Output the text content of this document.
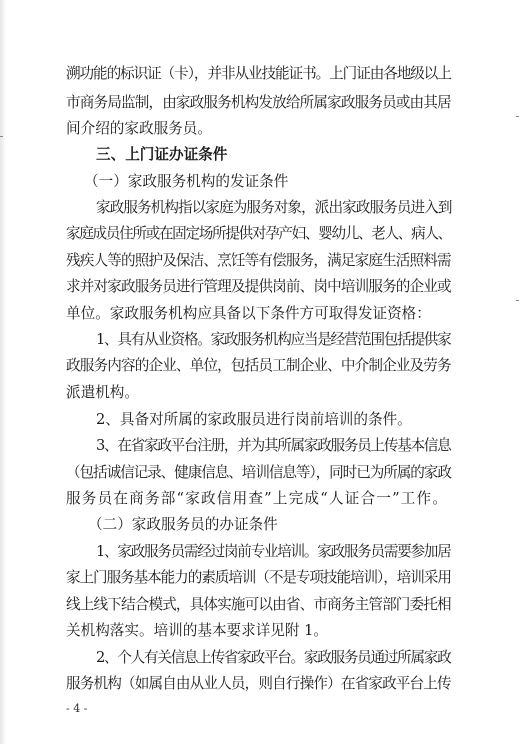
溯功能的标识证（卡），并非从业技能证书。上门证由各地级以上
市商务局监制，由家政服务机构发放给所属家政服务员或由其居
间介绍的家政服务员。
三、上门证办证条件
（一）家政服务机构的发证条件
家政服务机构指以家庭为服务对象，派出家政服务员进入到
家庭成员住所或在固定场所提供对孕产妇、婴幼儿、老人、病人、
残疾人等的照护及保洁、烹饪等有偿服务，满足家庭生活照料需
求并对家政服务员进行管理及提供岗前、岗中培训服务的企业或
单位。家政服务机构应具备以下条件方可取得发证资格：
1、具有从业资格。家政服务机构应当是经营范围包括提供家
政服务内容的企业、单位，包括员工制企业、中介制企业及劳务
派遣机构。
2、具备对所属的家政服员进行岗前培训的条件。
3、在省家政平台注册，并为其所属家政服务员上传基本信息
（包括诚信记录、健康信息、培训信息等），同时已为所属的家政
服务员在商务部“家政信用查”上完成“人证合一”工作。
（二）家政服务员的办证条件
1、家政服务员需经过岗前专业培训。家政服务员需要参加居
家上门服务基本能力的素质培训（不是专项技能培训），培训采用
线上线下结合模式，具体实施可以由省、市商务主管部门委托相
关机构落实。培训的基本要求详见附 1。
2、个人有关信息上传省家政平台。家政服务员通过所属家政
服务机构（如属自由从业人员，则自行操作）在省家政平台上传
- 4 -
